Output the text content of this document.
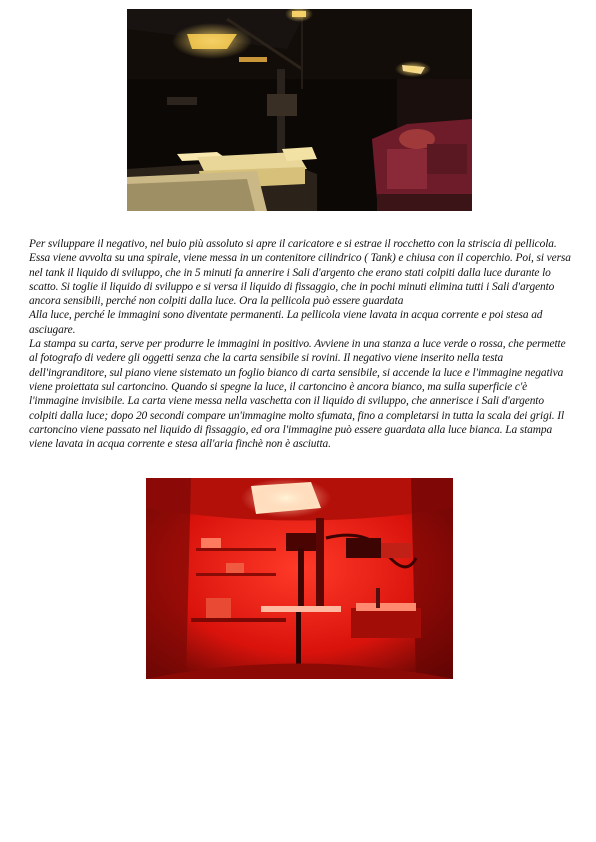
Per sviluppare il negativo, nel buio più assoluto si apre il caricatore e si estrae il rocchetto con la striscia di pellicola. Essa viene avvolta su una spirale, viene messa in un contenitore cilindrico ( Tank) e chiusa con il coperchio. Poi, si versa nel tank il liquido di sviluppo, che in 5 minuti fa annerire i Sali d'argento che erano stati colpiti dalla luce durante lo scatto. Si toglie il liquido di sviluppo e si versa il liquido di fissaggio, che in pochi minuti elimina tutti i Sali d'argento ancora sensibili, perché non colpiti dalla luce. Ora la pellicola può essere guardata

Alla luce, perché le immagini sono diventate permanenti. La pellicola viene lavata in acqua corrente e poi stesa ad asciugare.

La stampa su carta, serve per produrre le immagini in positivo. Avviene in una stanza a luce verde o rossa, che permette al fotografo di vedere gli oggetti senza che la carta sensibile si rovini. Il negativo viene inserito nella testa dell'ingranditore, sul piano viene sistemato un foglio bianco di carta sensibile, si accende la luce e l'immagine negativa viene proiettata sul cartoncino. Quando si spegne la luce, il cartoncino è ancora bianco, ma sulla superficie c'è l'immagine invisibile. La carta viene messa nella vaschetta con il liquido di sviluppo, che annerisce i Sali d'argento colpiti dalla luce; dopo 20 secondi compare un'immagine molto sfumata, fino a completarsi in tutta la scala dei grigi. Il cartoncino viene passato nel liquido di fissaggio, ed ora l'immagine può essere guardata alla luce bianca. La stampa viene lavata in acqua corrente e stesa all'aria finchè non è asciutta.
